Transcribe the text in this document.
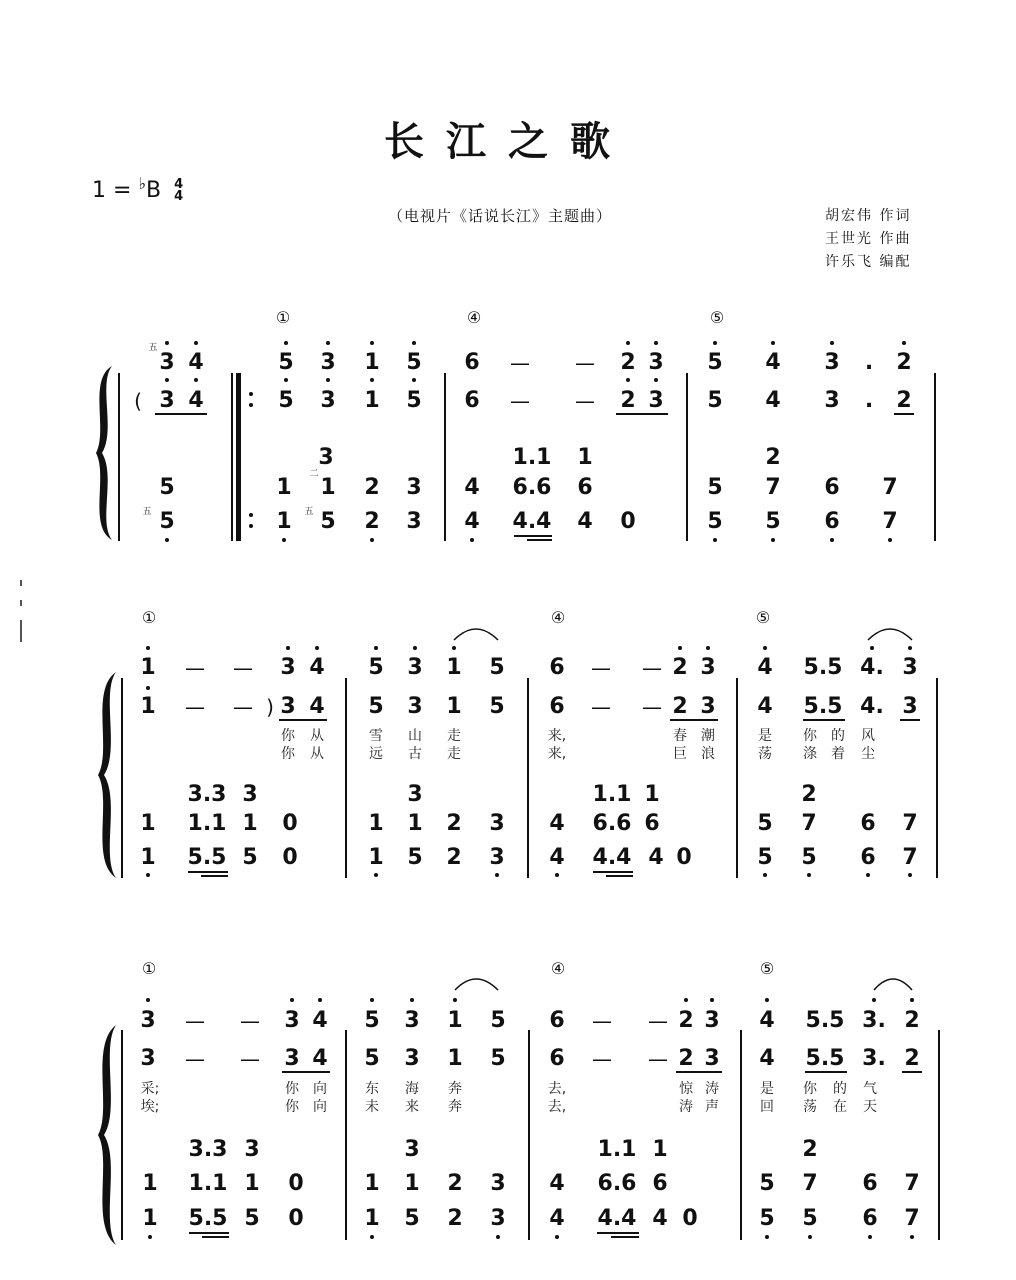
长江之歌
1 = ♭B 4
4
（电视片《话说长江》主题曲）	胡宏伟 作词
王世光 作曲
许乐飞 编配
①	④	⑤
五
3 4	5 3 1 5 6 — — 2 3 5 4 3 . 2
( 3 4	5 3 1 5 6 — — 2 3 5 4 3 . 2
3	1.1 1	2
5	1
二
1 2 3 4 6.6 6	5 7 6 7
五 5	1 五 5 2 3 4 4.4 4 0	5 5 6 7
①	④	⑤
1 — — 3 4 5 3 1 5 6 — — 2 3 4 5.5 4. 3
1 — — ) 3 4 5 3 1 5 6 — — 2 3 4 5.5 4. 3
你 从	雪 山 走	来,	春 潮	是 你 的 风
你 从	远 古 走	来,	巨 浪	荡 涤 着 尘
3.3 3	3	1.1 1	2
1 1.1 1 0	1 1 2 3 4 6.6 6	5 7 6 7
1 5.5 5 0	1 5 2 3 4 4.4 4 0	5 5 6 7
①	④	⑤
3 — — 3 4 5 3 1 5 6 — — 2 3 4 5.5 3. 2
3 — — 3 4 5 3 1 5 6 — — 2 3 4 5.5 3. 2
采;	你 向	东 海 奔	去,	惊 涛	是 你 的 气
埃;	你 向	未 来 奔	去,	涛 声	回 荡 在 天
3.3 3	3	1.1 1	2
1 1.1 1 0	1 1 2 3 4 6.6 6	5 7 6 7
1 5.5 5 0	1 5 2 3 4 4.4 4 0	5 5 6 7
